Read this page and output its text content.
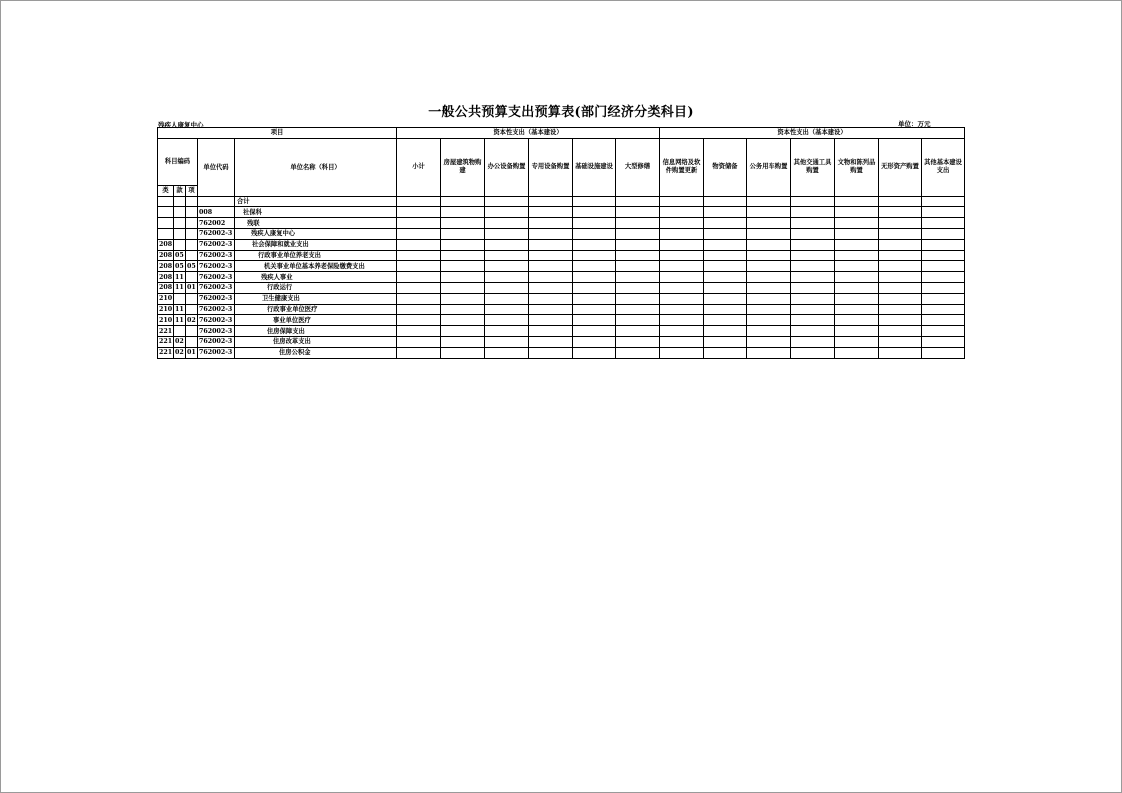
一般公共预算支出预算表(部门经济分类科目)
残疾人康复中心	单位：万元
项目					资本性支出（基本建设）						资本性支出（基本建设）						
科目编码			单位代码	单位名称（科目）	小计	房屋建筑物购建	办公设备购置	专用设备购置	基础设施建设	大型修缮	信息网络及软件购置更新	物资储备	公务用车购置	其他交通工具购置	文物和陈列品购置	无形资产购置	其他基本建设支出
类	款	项															
				合计													
			008	社保科													
			762002	残联													
			762002-3	残疾人康复中心													
208			762002-3	社会保障和就业支出													
208	05		762002-3	行政事业单位养老支出													
208	05	05	762002-3	机关事业单位基本养老保险缴费支出													
208	11		762002-3	残疾人事业													
208	11	01	762002-3	行政运行													
210			762002-3	卫生健康支出													
210	11		762002-3	行政事业单位医疗													
210	11	02	762002-3	事业单位医疗													
221			762002-3	住房保障支出													
221	02		762002-3	住房改革支出													
221	02	01	762002-3	住房公积金													
